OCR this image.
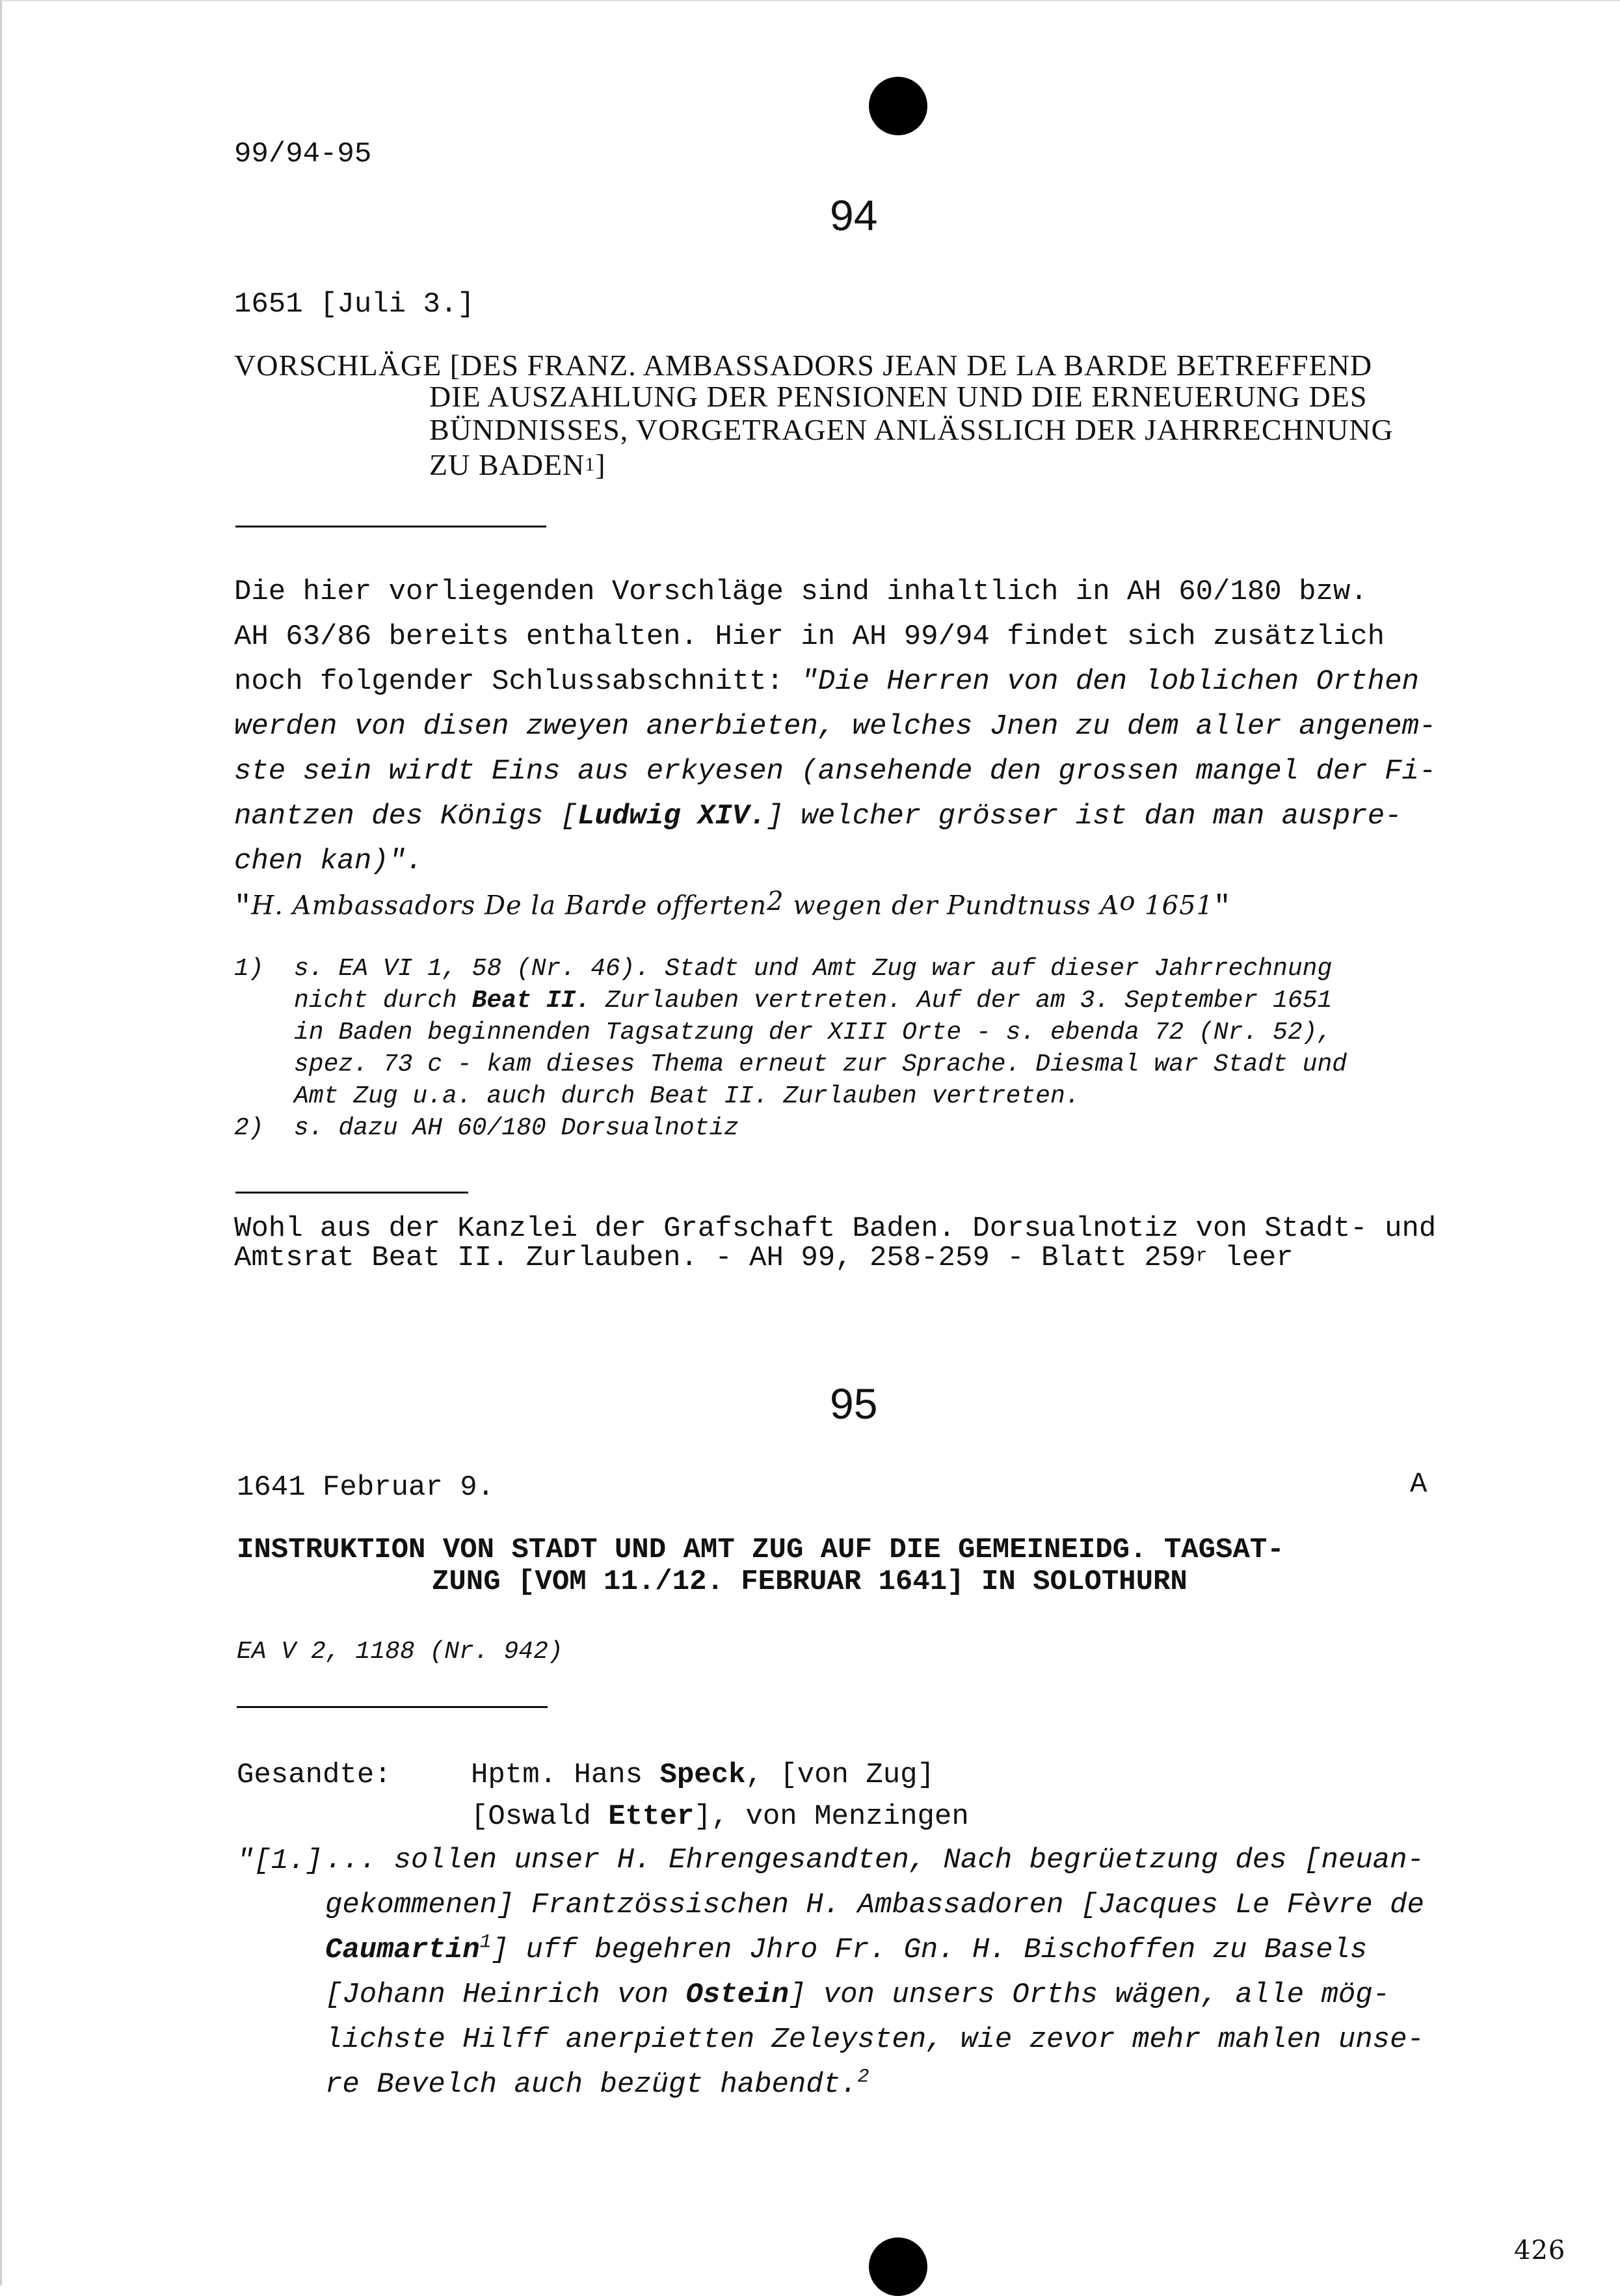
99/94-95
94
1651 [Juli 3.]
VORSCHLÄGE [DES FRANZ. AMBASSADORS JEAN DE LA BARDE BETREFFEND
DIE AUSZAHLUNG DER PENSIONEN UND DIE ERNEUERUNG DES
BÜNDNISSES, VORGETRAGEN ANLÄSSLICH DER JAHRRECHNUNG
ZU BADEN1]
Die hier vorliegenden Vorschläge sind inhaltlich in AH 60/180 bzw.
AH 63/86 bereits enthalten. Hier in AH 99/94 findet sich zusätzlich
noch folgender Schlussabschnitt: "Die Herren von den loblichen Orthen
werden von disen zweyen anerbieten, welches Jnen zu dem aller angenem-
ste sein wirdt Eins aus erkyesen (ansehende den grossen mangel der Fi-
nantzen des Königs [Ludwig XIV.] welcher grösser ist dan man auspre-
chen kan)".
"H. Ambassadors De la Barde offerten2 wegen der Pundtnuss Ao 1651"
1) s. EA VI 1, 58 (Nr. 46). Stadt und Amt Zug war auf dieser Jahrrechnung
nicht durch Beat II. Zurlauben vertreten. Auf der am 3. September 1651
in Baden beginnenden Tagsatzung der XIII Orte - s. ebenda 72 (Nr. 52),
spez. 73 c - kam dieses Thema erneut zur Sprache. Diesmal war Stadt und
Amt Zug u.a. auch durch Beat II. Zurlauben vertreten.
2) s. dazu AH 60/180 Dorsualnotiz
Wohl aus der Kanzlei der Grafschaft Baden. Dorsualnotiz von Stadt- und
Amtsrat Beat II. Zurlauben. - AH 99, 258-259 - Blatt 259r leer
95
1641 Februar 9.	A
INSTRUKTION VON STADT UND AMT ZUG AUF DIE GEMEINEIDG. TAGSAT-
ZUNG [VOM 11./12. FEBRUAR 1641] IN SOLOTHURN
EA V 2, 1188 (Nr. 942)
Gesandte:	Hptm. Hans Speck, [von Zug]
[Oswald Etter], von Menzingen
"[1.] ... sollen unser H. Ehrengesandten, Nach begrüetzung des [neuan-
gekommenen] Frantzössischen H. Ambassadoren [Jacques Le Fèvre de
Caumartin$^1$] uff begehren Jhro Fr. Gn. H. Bischoffen zu Basels
[Johann Heinrich von Ostein] von unsers Orths wägen, alle mög-
lichste Hilff anerpietten Zeleysten, wie zevor mehr mahlen unse-
re Bevelch auch bezügt habendt.$^2$
426
